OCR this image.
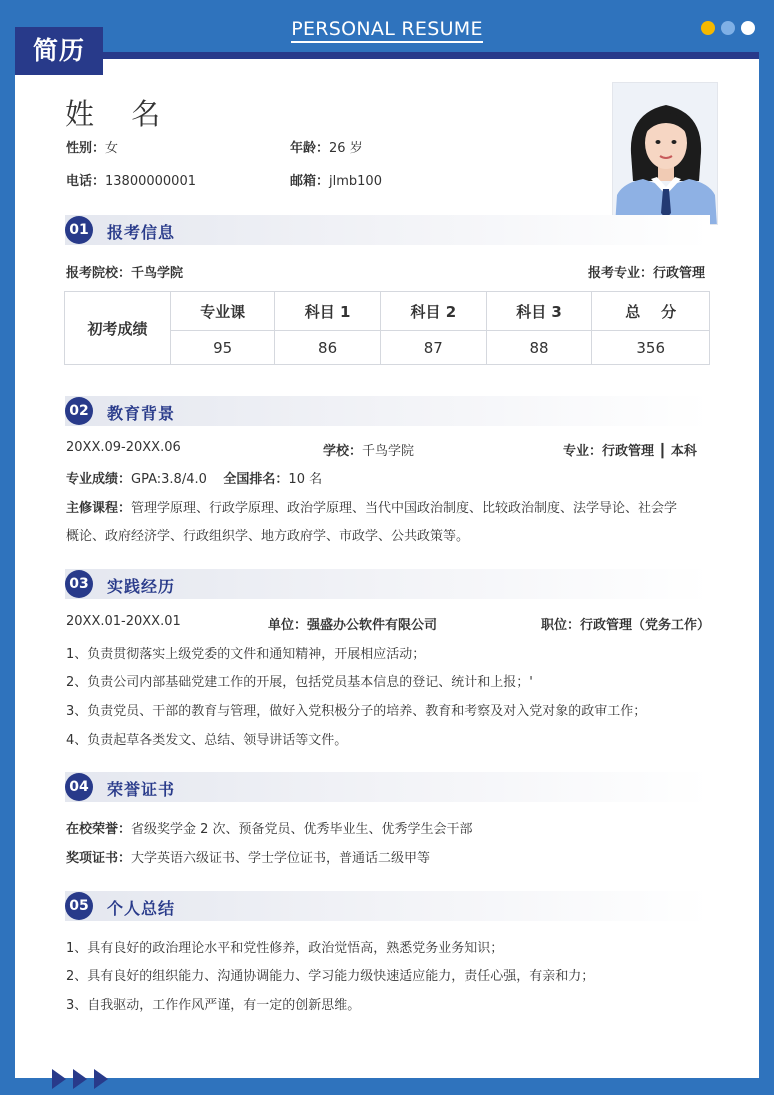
PERSONAL RESUME
简历
姓 名
性别：女	年龄：26 岁
电话：13800000001	邮箱：jlmb100
01 报考信息
报考院校：千鸟学院	报考专业：行政管理
初考成绩	专业课	科目 1	科目 2	科目 3	总    分
	95	86	87	88	356
02 教育背景
20XX.09-20XX.06	学校：千鸟学院	专业：行政管理 ┃ 本科
专业成绩：GPA:3.8/4.0 全国排名：10 名
主修课程：管理学原理、行政学原理、政治学原理、当代中国政治制度、比较政治制度、法学导论、社会学
概论、政府经济学、行政组织学、地方政府学、市政学、公共政策等。
03 实践经历
20XX.01-20XX.01	单位：强盛办公软件有限公司	职位：行政管理（党务工作）
1、负责贯彻落实上级党委的文件和通知精神，开展相应活动；
2、负责公司内部基础党建工作的开展，包括党员基本信息的登记、统计和上报；'
3、负责党员、干部的教育与管理，做好入党积极分子的培养、教育和考察及对入党对象的政审工作；
4、负责起草各类发文、总结、领导讲话等文件。
04 荣誉证书
在校荣誉：省级奖学金 2 次、预备党员、优秀毕业生、优秀学生会干部
奖项证书：大学英语六级证书、学士学位证书，普通话二级甲等
05 个人总结
1、具有良好的政治理论水平和党性修养，政治觉悟高，熟悉党务业务知识；
2、具有良好的组织能力、沟通协调能力、学习能力级快速适应能力，责任心强，有亲和力；
3、自我驱动，工作作风严谨，有一定的创新思维。
